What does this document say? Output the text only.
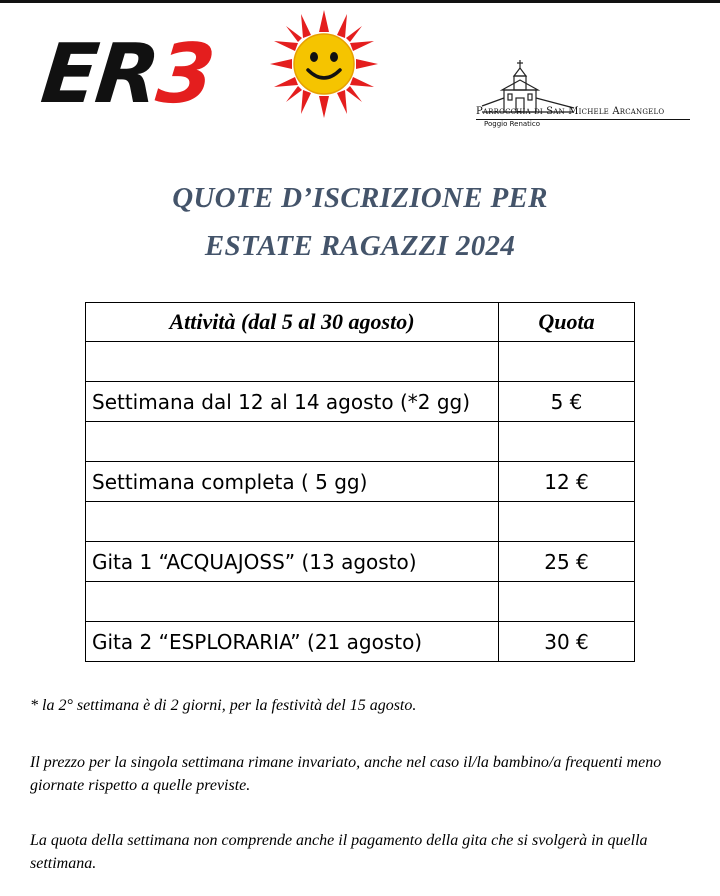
ER3	Parrocchia di San Michele Arcangelo
Poggio Renatico
QUOTE D’ISCRIZIONE PER
ESTATE RAGAZZI 2024
Attività (dal 5 al 30 agosto)	Quota

Settimana dal 12 al 14 agosto (*2 gg)	5 €

Settimana completa ( 5 gg)	12 €

Gita 1 “ACQUAJOSS” (13 agosto)	25 €

Gita 2 “ESPLORARIA” (21 agosto)	30 €
* la 2° settimana è di 2 giorni, per la festività del 15 agosto.
Il prezzo per la singola settimana rimane invariato, anche nel caso il/la bambino/a frequenti meno giornate rispetto a quelle previste.
La quota della settimana non comprende anche il pagamento della gita che si svolgerà in quella settimana.
